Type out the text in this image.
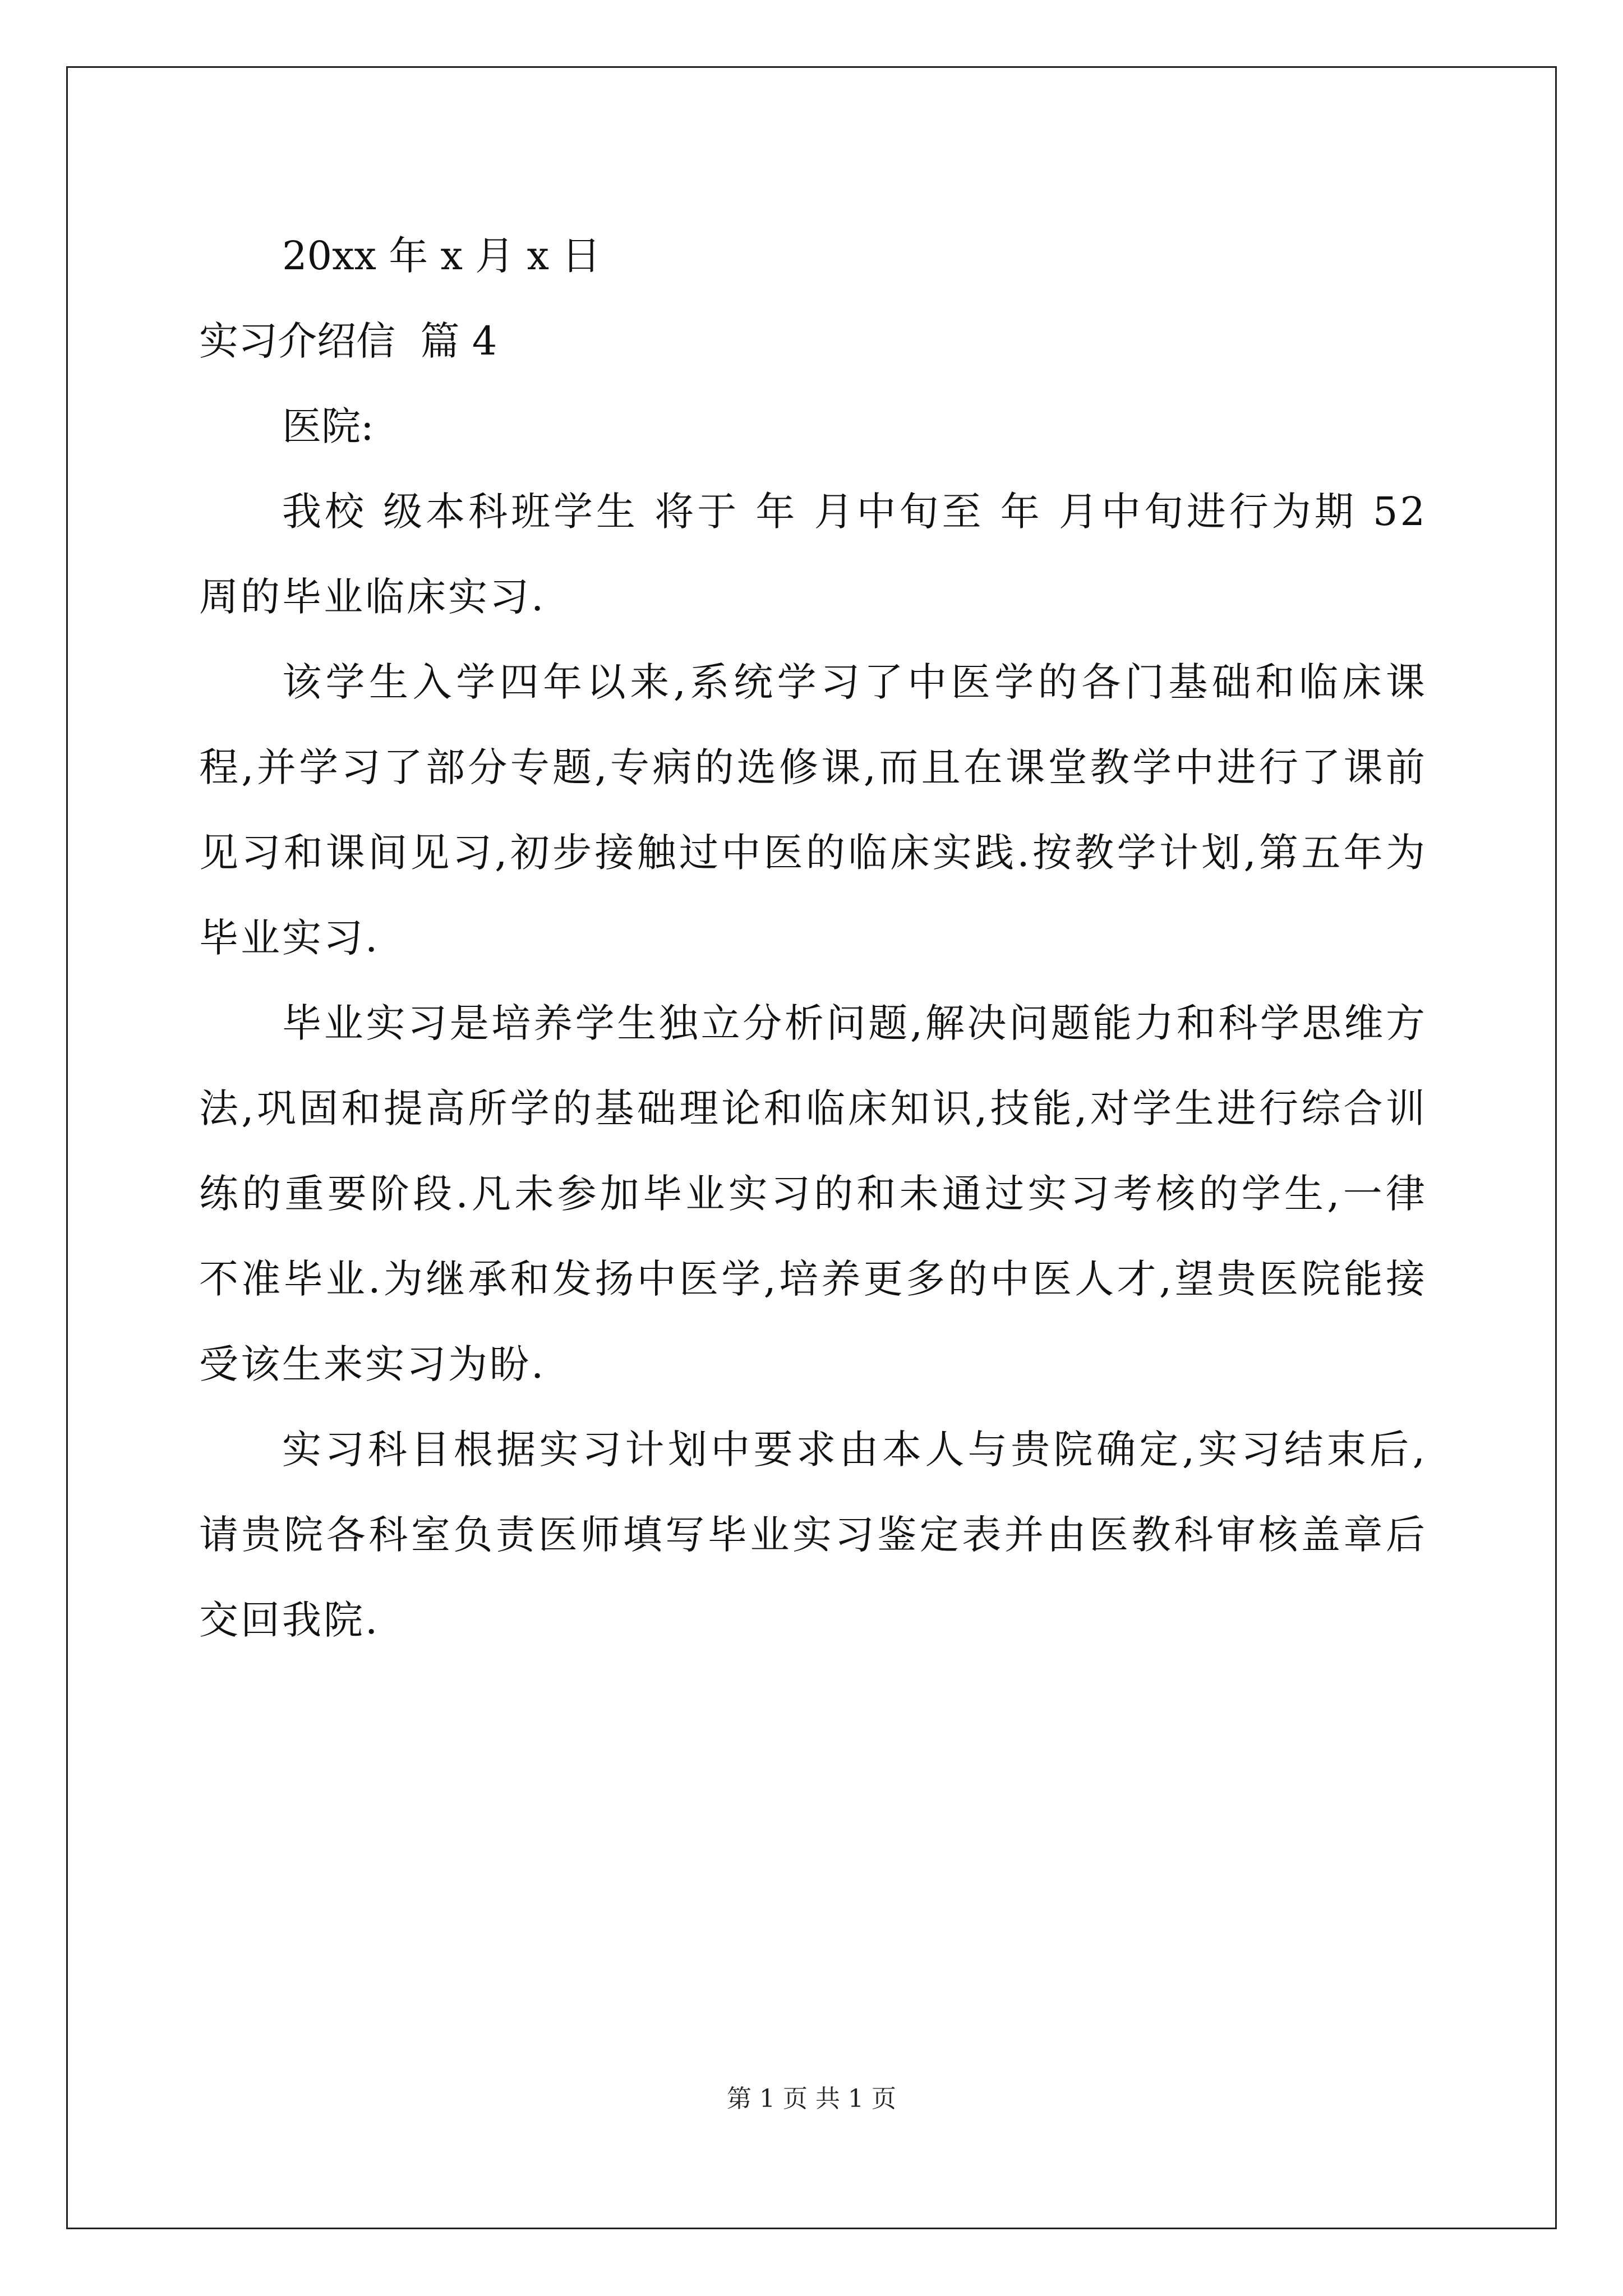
20xx 年 x 月 x 日

实习介绍信  篇 4

医院:

我校 级本科班学生 将于 年 月中旬至 年 月中旬进行为期 52 周的毕业临床实习.

该学生入学四年以来,系统学习了中医学的各门基础和临床课程,并学习了部分专题,专病的选修课,而且在课堂教学中进行了课前见习和课间见习,初步接触过中医的临床实践.按教学计划,第五年为毕业实习.

毕业实习是培养学生独立分析问题,解决问题能力和科学思维方法,巩固和提高所学的基础理论和临床知识,技能,对学生进行综合训练的重要阶段.凡未参加毕业实习的和未通过实习考核的学生,一律不准毕业.为继承和发扬中医学,培养更多的中医人才,望贵医院能接受该生来实习为盼.

实习科目根据实习计划中要求由本人与贵院确定,实习结束后,请贵院各科室负责医师填写毕业实习鉴定表并由医教科审核盖章后交回我院.

第 1 页 共 1 页
